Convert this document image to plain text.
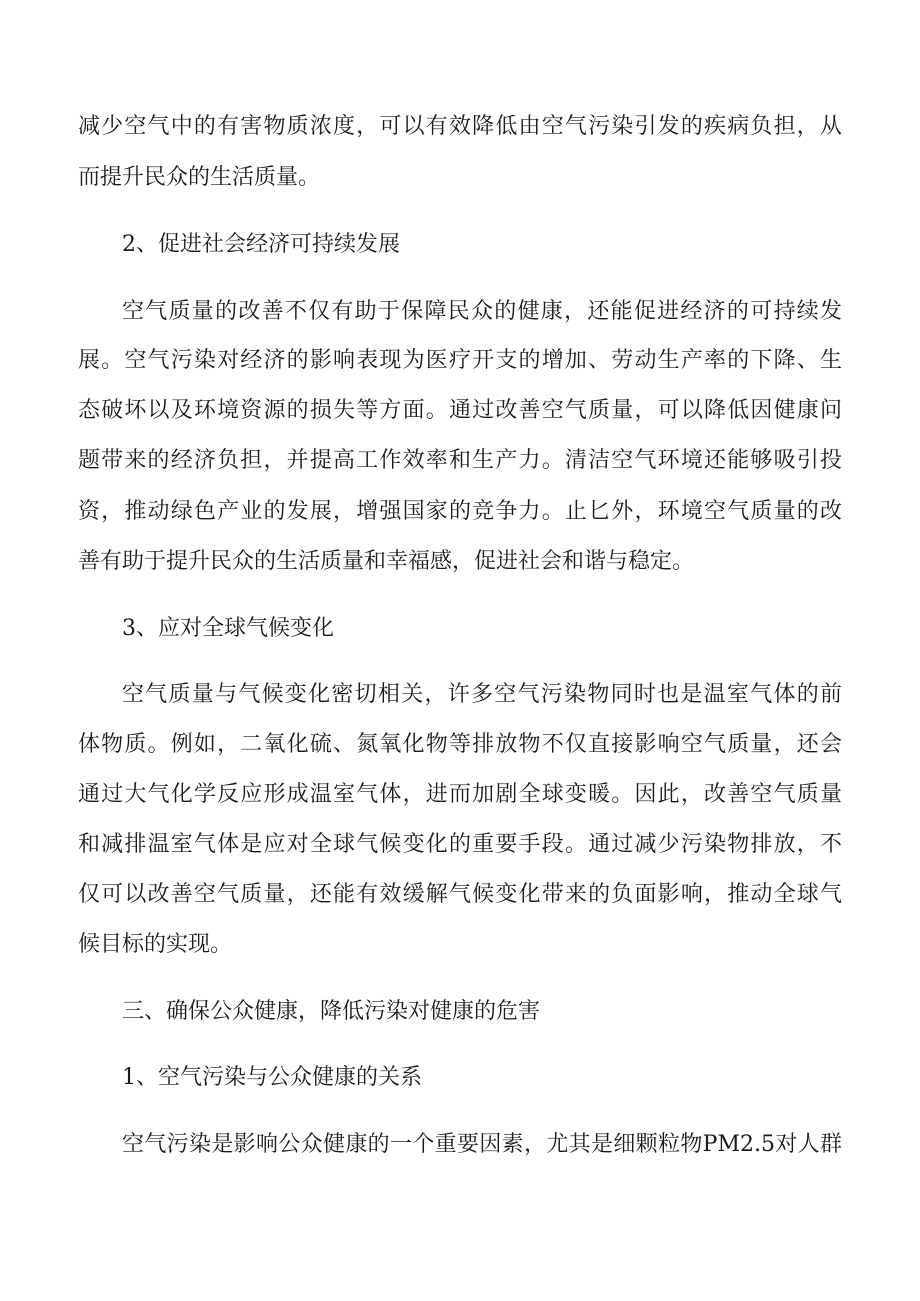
减少空气中的有害物质浓度，可以有效降低由空气污染引发的疾病负担，从
而提升民众的生活质量。
2、促进社会经济可持续发展
空气质量的改善不仅有助于保障民众的健康，还能促进经济的可持续发
展。空气污染对经济的影响表现为医疗开支的增加、劳动生产率的下降、生
态破坏以及环境资源的损失等方面。通过改善空气质量，可以降低因健康问
题带来的经济负担，并提高工作效率和生产力。清洁空气环境还能够吸引投
资，推动绿色产业的发展，增强国家的竞争力。止匕外，环境空气质量的改
善有助于提升民众的生活质量和幸福感，促进社会和谐与稳定。
3、应对全球气候变化
空气质量与气候变化密切相关，许多空气污染物同时也是温室气体的前
体物质。例如，二氧化硫、氮氧化物等排放物不仅直接影响空气质量，还会
通过大气化学反应形成温室气体，进而加剧全球变暖。因此，改善空气质量
和减排温室气体是应对全球气候变化的重要手段。通过减少污染物排放，不
仅可以改善空气质量，还能有效缓解气候变化带来的负面影响，推动全球气
候目标的实现。
三、确保公众健康，降低污染对健康的危害
1、空气污染与公众健康的关系
空气污染是影响公众健康的一个重要因素，尤其是细颗粒物PM2.5对人群
